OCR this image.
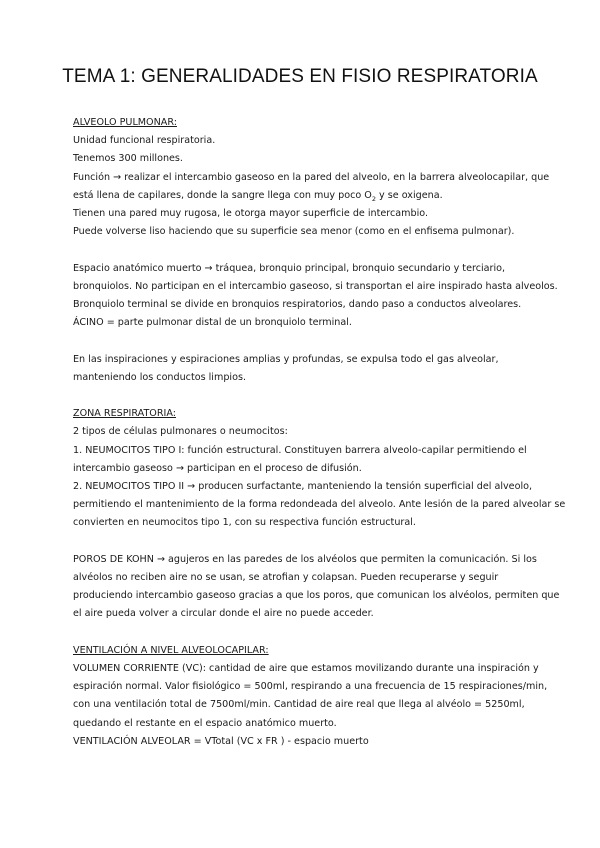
TEMA 1: GENERALIDADES EN FISIO RESPIRATORIA

ALVEOLO PULMONAR:

Unidad funcional respiratoria.

Tenemos 300 millones.

Función → realizar el intercambio gaseoso en la pared del alveolo, en la barrera alveolocapilar, que

está llena de capilares, donde la sangre llega con muy poco $O_2$ y se oxigena.

Tienen una pared muy rugosa, le otorga mayor superficie de intercambio.

Puede volverse liso haciendo que su superficie sea menor (como en el enfisema pulmonar).

Espacio anatómico muerto → tráquea, bronquio principal, bronquio secundario y terciario,

bronquiolos. No participan en el intercambio gaseoso, si transportan el aire inspirado hasta alveolos.

Bronquiolo terminal se divide en bronquios respiratorios, dando paso a conductos alveolares.

ÁCINO = parte pulmonar distal de un bronquiolo terminal.

En las inspiraciones y espiraciones amplias y profundas, se expulsa todo el gas alveolar,

manteniendo los conductos limpios.

ZONA RESPIRATORIA:

2 tipos de células pulmonares o neumocitos:

1. NEUMOCITOS TIPO I: función estructural. Constituyen barrera alveolo-capilar permitiendo el

intercambio gaseoso → participan en el proceso de difusión.

2. NEUMOCITOS TIPO II → producen surfactante, manteniendo la tensión superficial del alveolo,

permitiendo el mantenimiento de la forma redondeada del alveolo. Ante lesión de la pared alveolar se

convierten en neumocitos tipo 1, con su respectiva función estructural.

POROS DE KOHN → agujeros en las paredes de los alvéolos que permiten la comunicación. Si los

alvéolos no reciben aire no se usan, se atrofian y colapsan. Pueden recuperarse y seguir

produciendo intercambio gaseoso gracias a que los poros, que comunican los alvéolos, permiten que

el aire pueda volver a circular donde el aire no puede acceder.

VENTILACIÓN A NIVEL ALVEOLOCAPILAR:

VOLUMEN CORRIENTE (VC): cantidad de aire que estamos movilizando durante una inspiración y

espiración normal. Valor fisiológico = 500ml, respirando a una frecuencia de 15 respiraciones/min,

con una ventilación total de 7500ml/min. Cantidad de aire real que llega al alvéolo = 5250ml,

quedando el restante en el espacio anatómico muerto.

VENTILACIÓN ALVEOLAR = VTotal (VC x FR ) - espacio muerto
